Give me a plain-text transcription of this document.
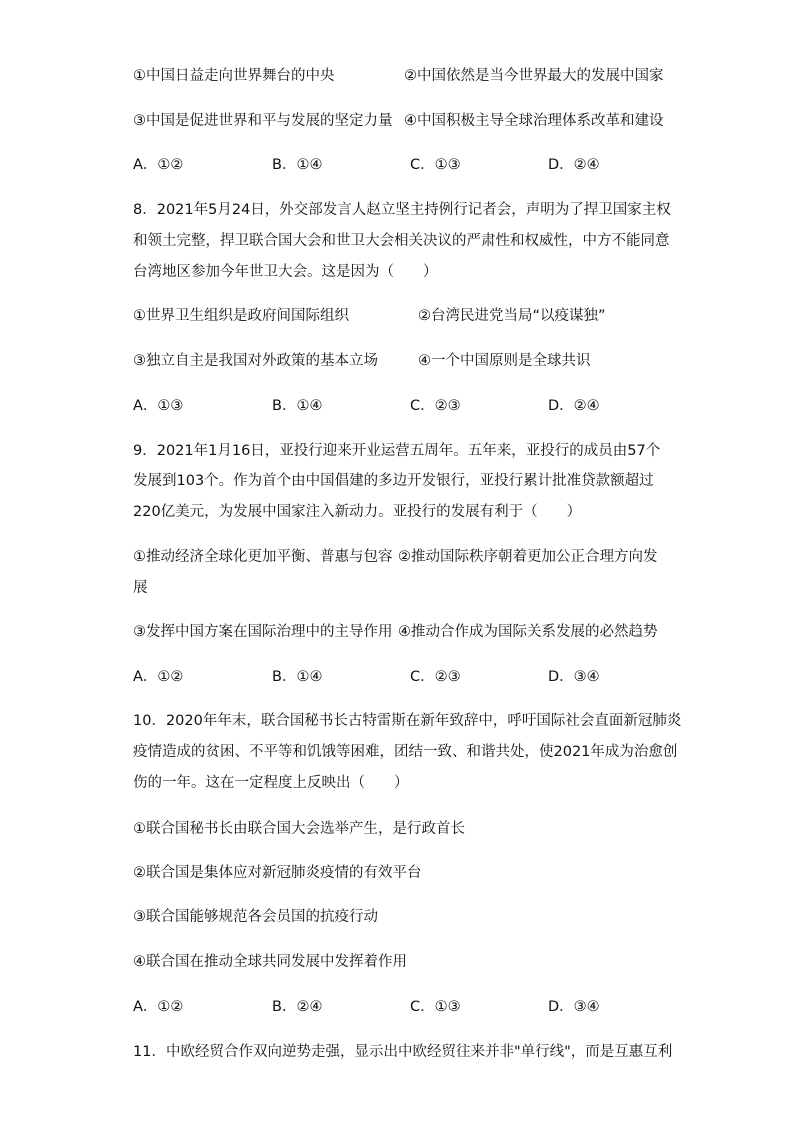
①中国日益走向世界舞台的中央	②中国依然是当今世界最大的发展中国家
③中国是促进世界和平与发展的坚定力量 ④中国积极主导全球治理体系改革和建设
A．①②	B．①④	C．①③	D．②④
8．2021年5月24日，外交部发言人赵立坚主持例行记者会，声明为了捍卫国家主权
和领土完整，捍卫联合国大会和世卫大会相关决议的严肃性和权威性，中方不能同意
台湾地区参加今年世卫大会。这是因为（　　）
①世界卫生组织是政府间国际组织	②台湾民进党当局“以疫谋独”
③独立自主是我国对外政策的基本立场	④一个中国原则是全球共识
A．①③	B．①④	C．②③	D．②④
9．2021年1月16日，亚投行迎来开业运营五周年。五年来，亚投行的成员由57个
发展到103个。作为首个由中国倡建的多边开发银行，亚投行累计批准贷款额超过
220亿美元，为发展中国家注入新动力。亚投行的发展有利于（　　）
①推动经济全球化更加平衡、普惠与包容 ②推动国际秩序朝着更加公正合理方向发
展
③发挥中国方案在国际治理中的主导作用 ④推动合作成为国际关系发展的必然趋势
A．①②	B．①④	C．②③	D．③④
10．2020年年末，联合国秘书长古特雷斯在新年致辞中，呼吁国际社会直面新冠肺炎
疫情造成的贫困、不平等和饥饿等困难，团结一致、和谐共处，使2021年成为治愈创
伤的一年。这在一定程度上反映出（　　）
①联合国秘书长由联合国大会选举产生，是行政首长
②联合国是集体应对新冠肺炎疫情的有效平台
③联合国能够规范各会员国的抗疫行动
④联合国在推动全球共同发展中发挥着作用
A．①②	B．②④	C．①③	D．③④
11．中欧经贸合作双向逆势走强，显示出中欧经贸往来并非"单行线"，而是互惠互利
